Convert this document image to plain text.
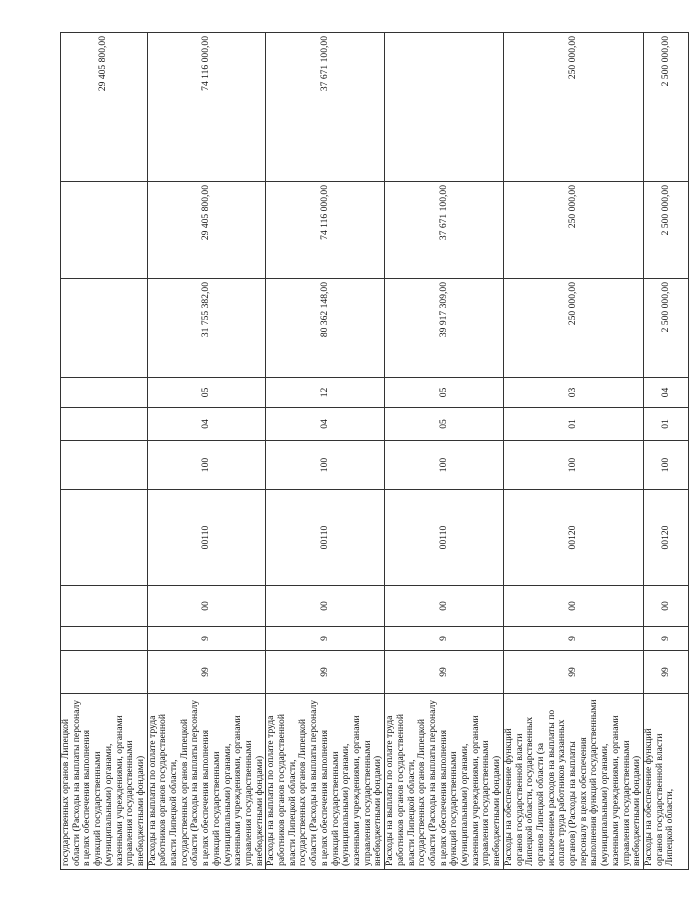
государственных органов Липецкой области (Расходы на выплаты персоналу в целях обеспечения выполнения функций государственными (муниципальными) органами, казенными учреждениями, органами управления государственными внебюджетными фондами)										29 405 800,00
Расходы на выплаты по оплате труда работников органов государственной власти Липецкой области, государственных органов Липецкой области (Расходы на выплаты персоналу в целях обеспечения выполнения функций государственными (муниципальными) органами, казенными учреждениями, органами управления государственными внебюджетными фондами)	99	9	00	00110	100	04	05	31 755 382,00	29 405 800,00	74 116 000,00
Расходы на выплаты по оплате труда работников органов государственной власти Липецкой области, государственных органов Липецкой области (Расходы на выплаты персоналу в целях обеспечения выполнения функций государственными (муниципальными) органами, казенными учреждениями, органами управления государственными внебюджетными фондами)	99	9	00	00110	100	04	12	80 362 148,00	74 116 000,00	37 671 100,00
Расходы на выплаты по оплате труда работников органов государственной власти Липецкой области, государственных органов Липецкой области (Расходы на выплаты персоналу в целях обеспечения выполнения функций государственными (муниципальными) органами, казенными учреждениями, органами управления государственными внебюджетными фондами)	99	9	00	00110	100	05	05	39 917 309,00	37 671 100,00	
Расходы на обеспечение функций органов государственной власти Липецкой области, государственных органов Липецкой области (за исключением расходов на выплаты по оплате труда работников указанных органов) (Расходы на выплаты персоналу в целях обеспечения выполнения функций государственными (муниципальными) органами, казенными учреждениями, органами управления государственными внебюджетными фондами)	99	9	00	00120	100	01	03	250 000,00	250 000,00	250 000,00
Расходы на обеспечение функций органов государственной власти Липецкой области,	99	9	00	00120	100	01	04	2 500 000,00	2 500 000,00	2 500 000,00
